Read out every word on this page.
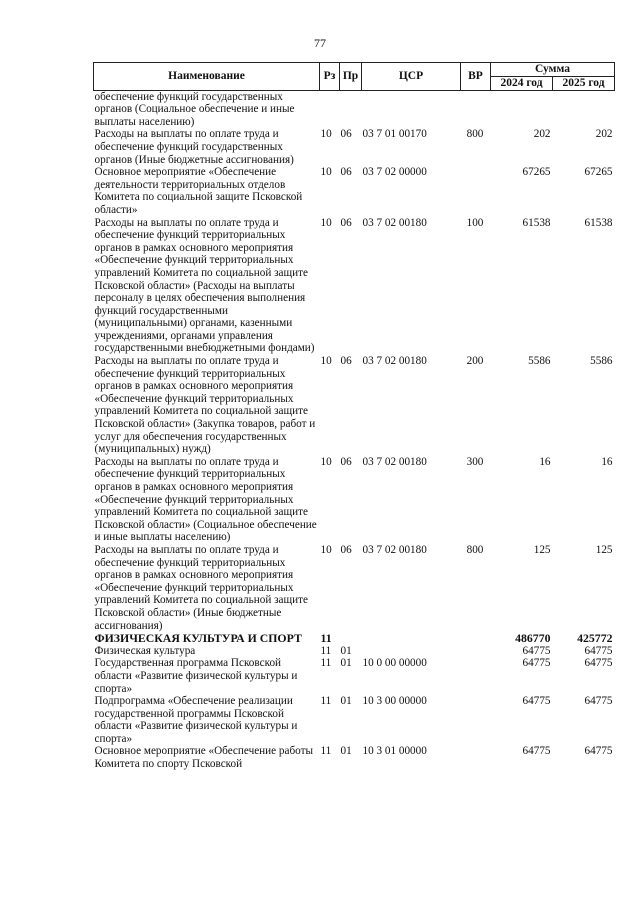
77
Наименование	Рз	Пр	ЦСР	ВР	Сумма	
					2024 год	2025 год
обеспечение функций государственных органов (Социальное обеспечение и иные выплаты населению)						
Расходы на выплаты по оплате труда и обеспечение функций государственных органов (Иные бюджетные ассигнования)	10	06	03 7 01 00170	800	202	202
Основное мероприятие «Обеспечение деятельности территориальных отделов Комитета по социальной защите Псковской области»	10	06	03 7 02 00000		67265	67265
Расходы на выплаты по оплате труда и обеспечение функций территориальных органов в рамках основного мероприятия «Обеспечение функций территориальных управлений Комитета по социальной защите Псковской области» (Расходы на выплаты персоналу в целях обеспечения выполнения функций государственными (муниципальными) органами, казенными учреждениями, органами управления государственными внебюджетными фондами)	10	06	03 7 02 00180	100	61538	61538
Расходы на выплаты по оплате труда и обеспечение функций территориальных органов в рамках основного мероприятия «Обеспечение функций территориальных управлений Комитета по социальной защите Псковской области» (Закупка товаров, работ и услуг для обеспечения государственных (муниципальных) нужд)	10	06	03 7 02 00180	200	5586	5586
Расходы на выплаты по оплате труда и обеспечение функций территориальных органов в рамках основного мероприятия «Обеспечение функций территориальных управлений Комитета по социальной защите Псковской области» (Социальное обеспечение и иные выплаты населению)	10	06	03 7 02 00180	300	16	16
Расходы на выплаты по оплате труда и обеспечение функций территориальных органов в рамках основного мероприятия «Обеспечение функций территориальных управлений Комитета по социальной защите Псковской области» (Иные бюджетные ассигнования)	10	06	03 7 02 00180	800	125	125
ФИЗИЧЕСКАЯ КУЛЬТУРА И СПОРТ	11				486770	425772
Физическая культура	11	01			64775	64775
Государственная программа Псковской области «Развитие физической культуры и спорта»	11	01	10 0 00 00000		64775	64775
Подпрограмма «Обеспечение реализации государственной программы Псковской области «Развитие физической культуры и спорта»	11	01	10 3 00 00000		64775	64775
Основное мероприятие «Обеспечение работы Комитета по спорту Псковской	11	01	10 3 01 00000		64775	64775
